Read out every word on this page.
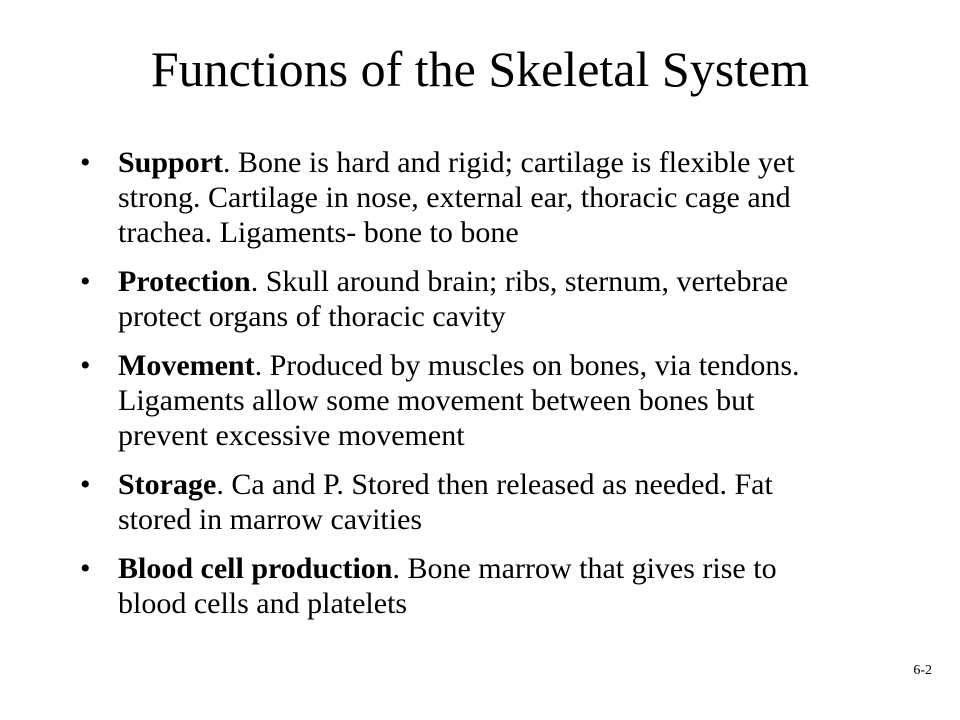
Functions of the Skeletal System
• Support. Bone is hard and rigid; cartilage is flexible yet strong. Cartilage in nose, external ear, thoracic cage and trachea. Ligaments- bone to bone
• Protection. Skull around brain; ribs, sternum, vertebrae protect organs of thoracic cavity
• Movement. Produced by muscles on bones, via tendons. Ligaments allow some movement between bones but prevent excessive movement
• Storage. Ca and P. Stored then released as needed. Fat stored in marrow cavities
• Blood cell production. Bone marrow that gives rise to blood cells and platelets
6-2
